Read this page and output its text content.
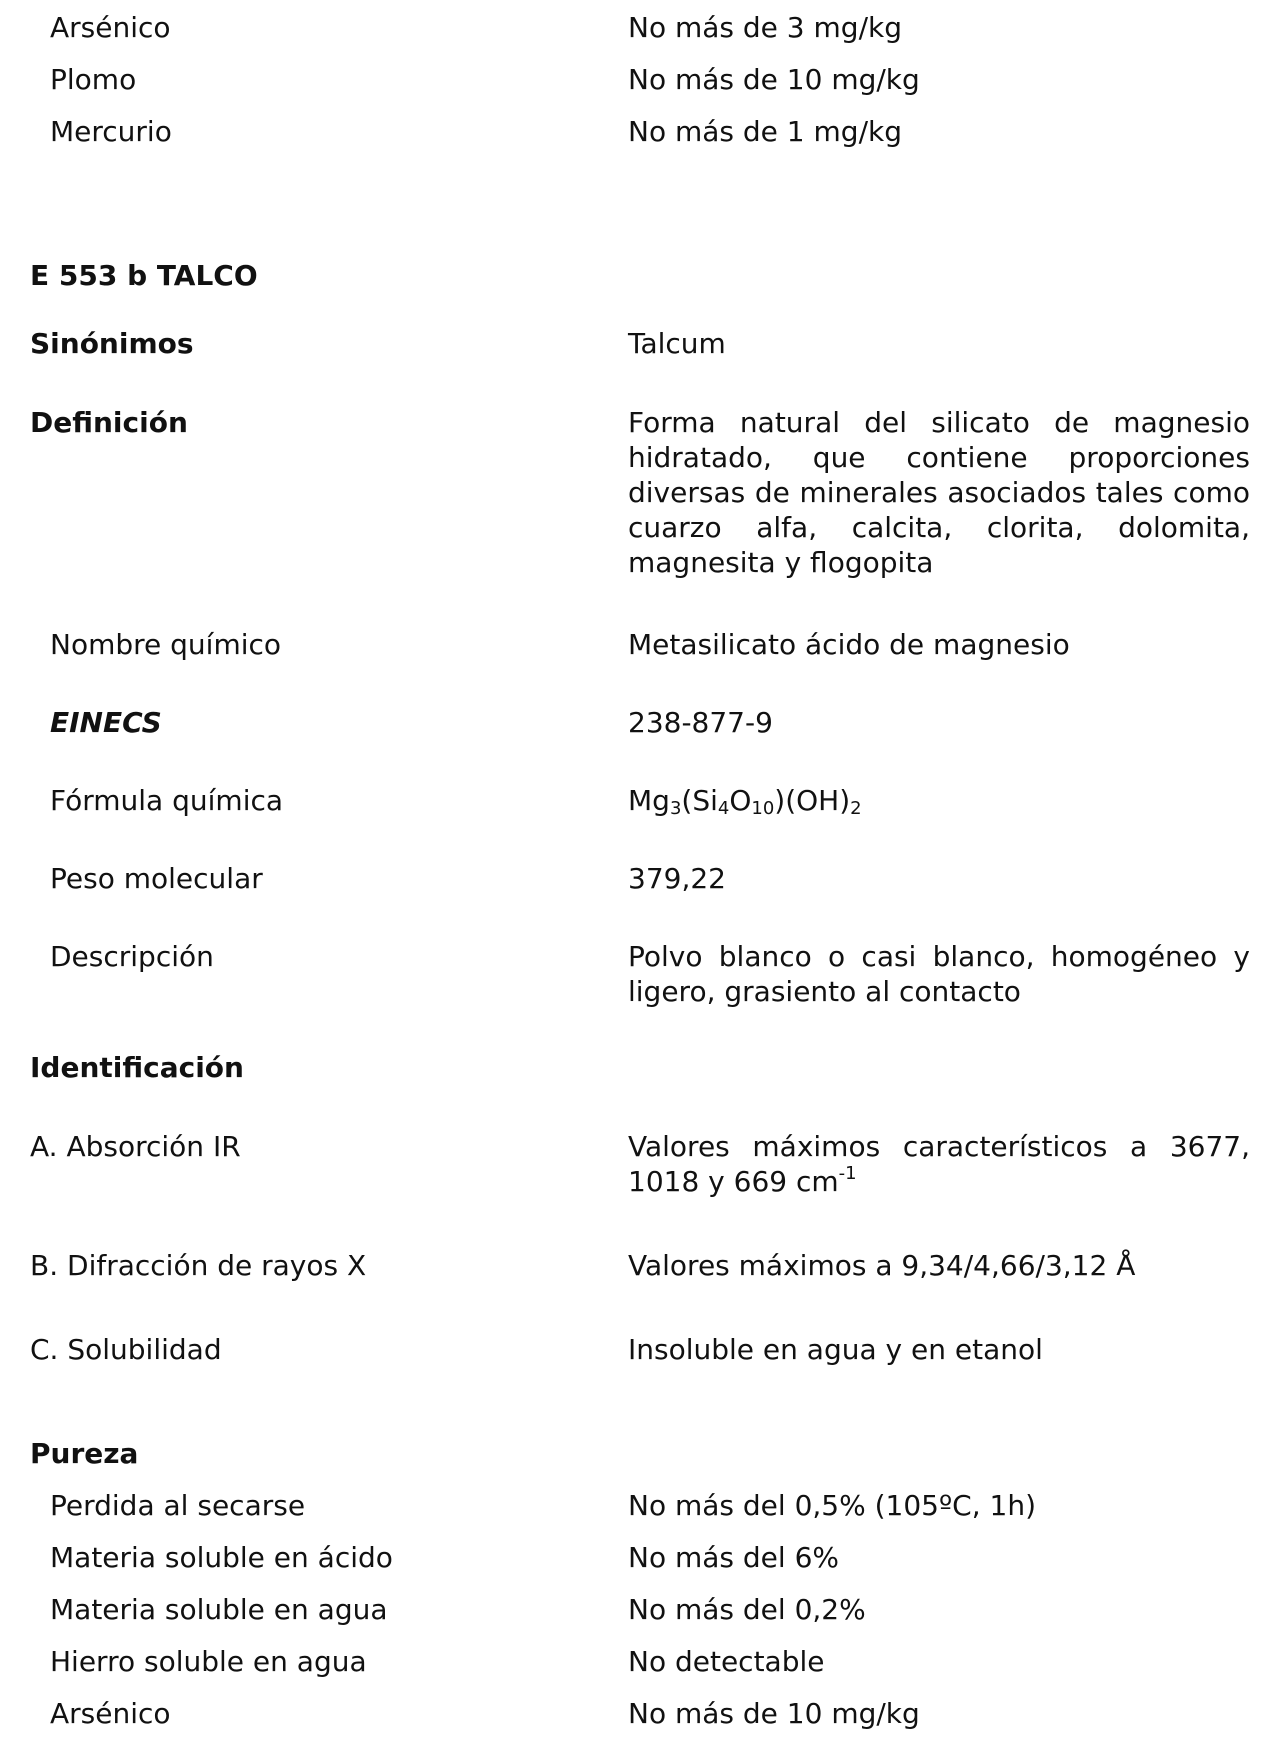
Arsénico	No más de 3 mg/kg
Plomo	No más de 10 mg/kg
Mercurio	No más de 1 mg/kg
E 553 b TALCO
Sinónimos	Talcum
Definición	Forma natural del silicato de magnesio hidratado, que contiene proporciones diversas de minerales asociados tales como cuarzo alfa, calcita, clorita, dolomita, magnesita y flogopita
Nombre químico	Metasilicato ácido de magnesio
EINECS	238-877-9
Fórmula química	$Mg_3(Si_4O_{10})(OH)_2$
Peso molecular	379,22
Descripción	Polvo blanco o casi blanco, homogéneo y ligero, grasiento al contacto
Identificación
A. Absorción IR	Valores máximos característicos a 3677, 1018 y 669 $cm^{-1}$
B. Difracción de rayos X	Valores máximos a 9,34/4,66/3,12 Å
C. Solubilidad	Insoluble en agua y en etanol
Pureza
Perdida al secarse	No más del 0,5% (105ºC, 1h)
Materia soluble en ácido	No más del 6%
Materia soluble en agua	No más del 0,2%
Hierro soluble en agua	No detectable
Arsénico	No más de 10 mg/kg
